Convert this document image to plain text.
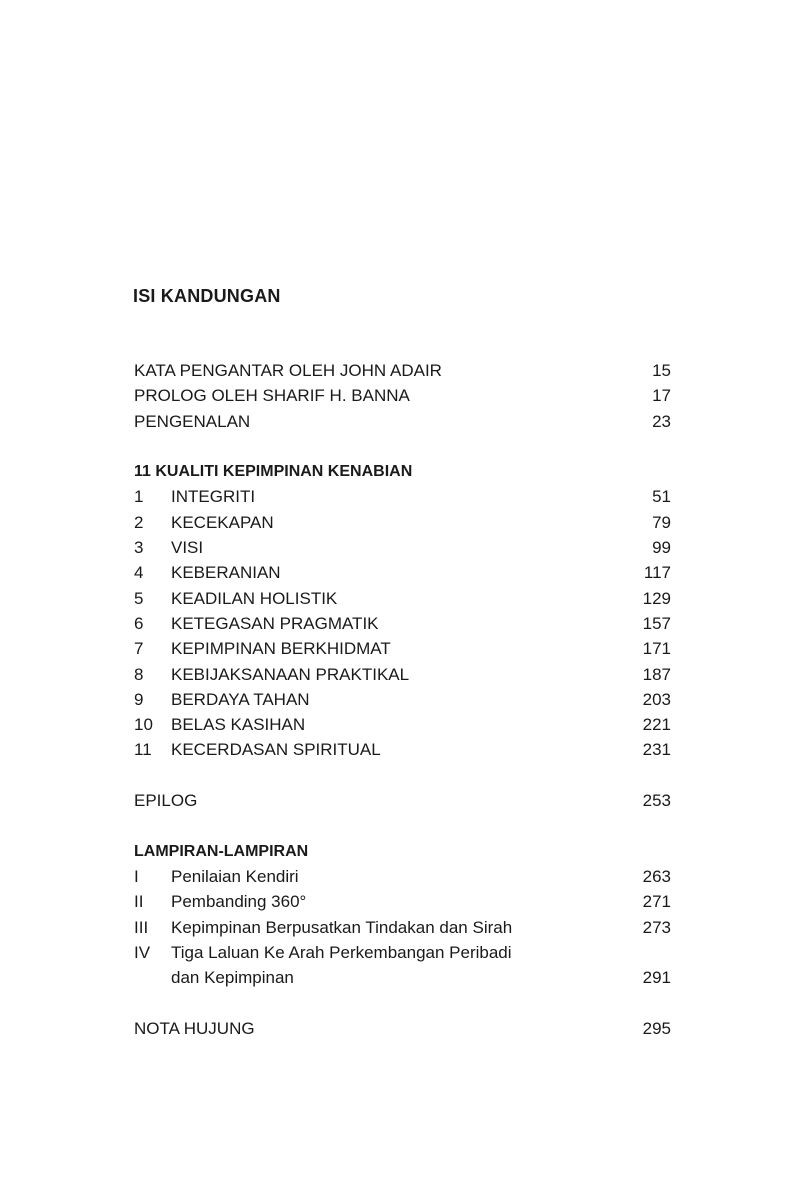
ISI KANDUNGAN
KATA PENGANTAR OLEH JOHN ADAIR	15
PROLOG OLEH SHARIF H. BANNA	17
PENGENALAN	23
11 KUALITI KEPIMPINAN KENABIAN
1	INTEGRITI	51
2	KECEKAPAN	79
3	VISI	99
4	KEBERANIAN	117
5	KEADILAN HOLISTIK	129
6	KETEGASAN PRAGMATIK	157
7	KEPIMPINAN BERKHIDMAT	171
8	KEBIJAKSANAAN PRAKTIKAL	187
9	BERDAYA TAHAN	203
10	BELAS KASIHAN	221
11	KECERDASAN SPIRITUAL	231
EPILOG	253
LAMPIRAN-LAMPIRAN
I	Penilaian Kendiri	263
II	Pembanding 360°	271
III	Kepimpinan Berpusatkan Tindakan dan Sirah	273
IV	Tiga Laluan Ke Arah Perkembangan Peribadi
dan Kepimpinan	291
NOTA HUJUNG	295
